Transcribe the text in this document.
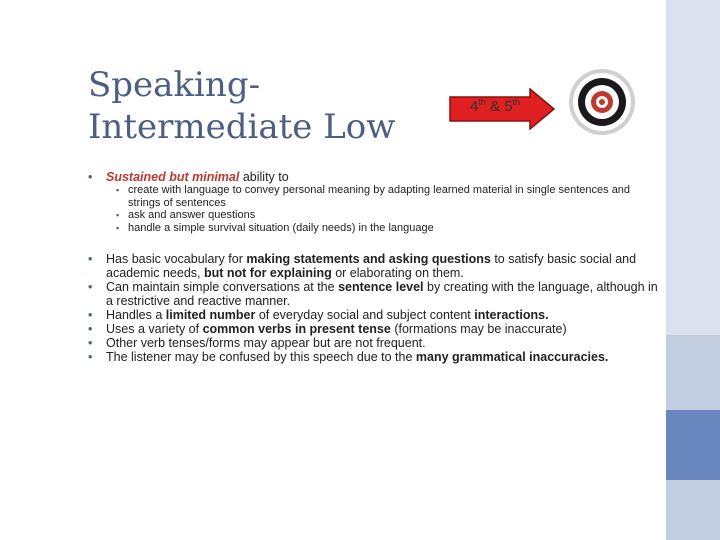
Speaking-
Intermediate Low
4th & 5th

• Sustained but minimal ability to

▪ create with language to convey personal meaning by adapting learned material in single sentences and strings of sentences

▪ ask and answer questions

▪ handle a simple survival situation (daily needs) in the language

• Has basic vocabulary for making statements and asking questions to satisfy basic social and academic needs, but not for explaining or elaborating on them.

• Can maintain simple conversations at the sentence level by creating with the language, although in a restrictive and reactive manner.

• Handles a limited number of everyday social and subject content interactions.

• Uses a variety of common verbs in present tense (formations may be inaccurate)

• Other verb tenses/forms may appear but are not frequent.

• The listener may be confused by this speech due to the many grammatical inaccuracies.
